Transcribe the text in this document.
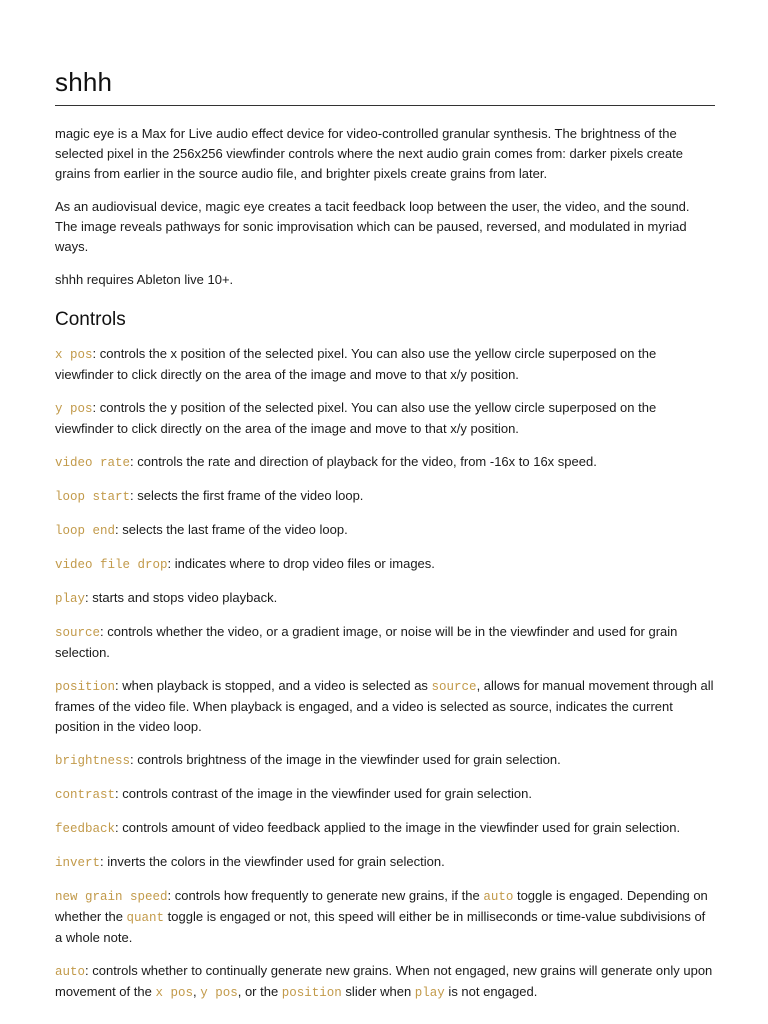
shhh

magic eye is a Max for Live audio effect device for video-controlled granular synthesis. The brightness of the selected pixel in the 256x256 viewfinder controls where the next audio grain comes from: darker pixels create grains from earlier in the source audio file, and brighter pixels create grains from later.

As an audiovisual device, magic eye creates a tacit feedback loop between the user, the video, and the sound. The image reveals pathways for sonic improvisation which can be paused, reversed, and modulated in myriad ways.

shhh requires Ableton live 10+.

Controls

x pos: controls the x position of the selected pixel. You can also use the yellow circle superposed on the viewfinder to click directly on the area of the image and move to that x/y position.

y pos: controls the y position of the selected pixel. You can also use the yellow circle superposed on the viewfinder to click directly on the area of the image and move to that x/y position.

video rate: controls the rate and direction of playback for the video, from -16x to 16x speed.

loop start: selects the first frame of the video loop.

loop end: selects the last frame of the video loop.

video file drop: indicates where to drop video files or images.

play: starts and stops video playback.

source: controls whether the video, or a gradient image, or noise will be in the viewfinder and used for grain selection.

position: when playback is stopped, and a video is selected as source, allows for manual movement through all frames of the video file. When playback is engaged, and a video is selected as source, indicates the current position in the video loop.

brightness: controls brightness of the image in the viewfinder used for grain selection.

contrast: controls contrast of the image in the viewfinder used for grain selection.

feedback: controls amount of video feedback applied to the image in the viewfinder used for grain selection.

invert: inverts the colors in the viewfinder used for grain selection.

new grain speed: controls how frequently to generate new grains, if the auto toggle is engaged. Depending on whether the quant toggle is engaged or not, this speed will either be in milliseconds or time-value subdivisions of a whole note.

auto: controls whether to continually generate new grains. When not engaged, new grains will generate only upon movement of the x pos, y pos, or the position slider when play is not engaged.
